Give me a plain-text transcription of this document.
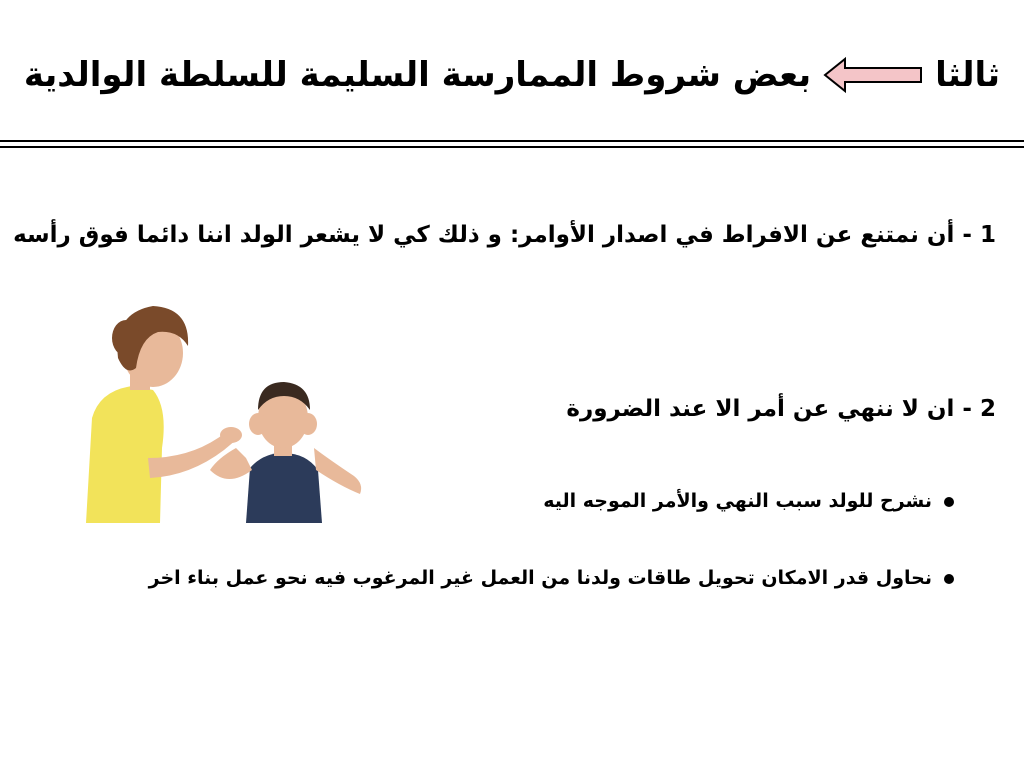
ثالثا
بعض شروط الممارسة السليمة للسلطة الوالدية
1 - أن نمتنع عن الافراط في اصدار الأوامر: و ذلك كي لا يشعر الولد اننا دائما فوق رأسه
2 - ان لا ننهي عن أمر الا عند الضرورة
نشرح للولد سبب النهي والأمر الموجه اليه
نحاول قدر الامكان تحويل طاقات ولدنا من العمل غير المرغوب فيه نحو عمل بناء اخر
